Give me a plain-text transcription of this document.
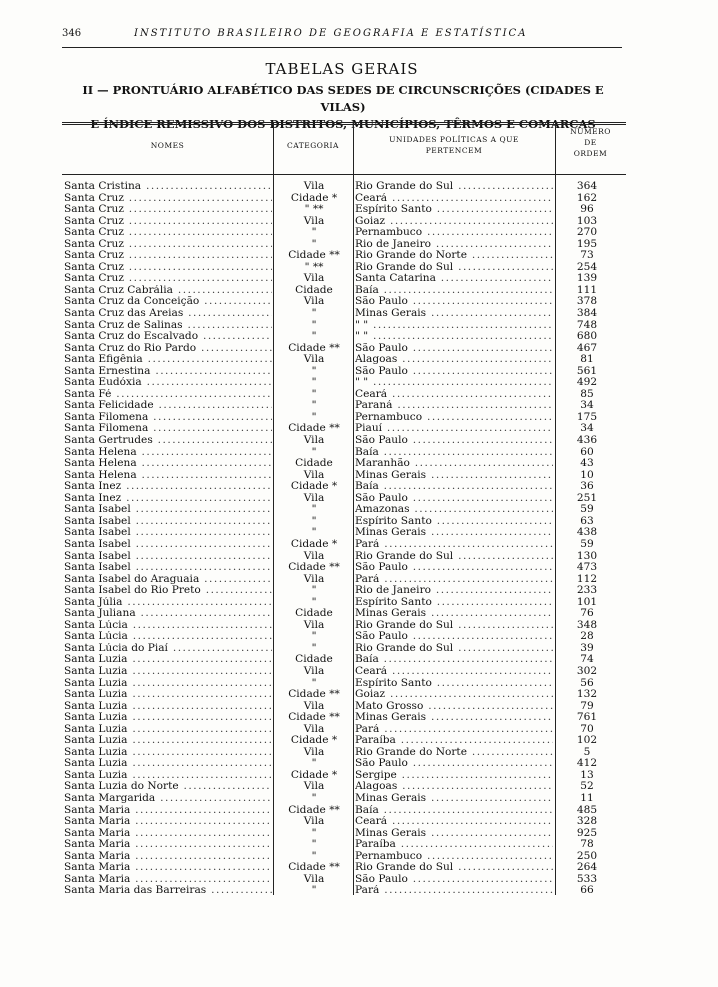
346	INSTITUTO BRASILEIRO DE GEOGRAFIA E ESTATÍSTICA
TABELAS GERAIS
II — PRONTUÁRIO ALFABÉTICO DAS SEDES DE CIRCUNSCRIÇÕES (CIDADES E VILAS)
E ÍNDICE REMISSIVO DOS DISTRITOS, MUNICÍPIOS, TÊRMOS E COMARCAS
NOMES	CATEGORIA
UNIDADES POLÍTICAS A QUE
PERTENCEM
NÚMERO
DE
ORDEM
Santa Cristina .....	Vila	Rio Grande do Sul .....	364
Santa Cruz .....	Cidade *	Ceará .....	162
Santa Cruz .....	" **	Espírito Santo .....	96
Santa Cruz .....	Vila	Goiaz .....	103
Santa Cruz .....	"	Pernambuco .....	270
Santa Cruz .....	"	Rio de Janeiro .....	195
Santa Cruz .....	Cidade **	Rio Grande do Norte .....	73
Santa Cruz .....	" **	Rio Grande do Sul .....	254
Santa Cruz .....	Vila	Santa Catarina .....	139
Santa Cruz Cabrália .....	Cidade	Baía .....	111
Santa Cruz da Conceição .....	Vila	São Paulo .....	378
Santa Cruz das Areias .....	"	Minas Gerais .....	384
Santa Cruz de Salinas .....	"	" " .....	748
Santa Cruz do Escalvado .....	"	" " .....	680
Santa Cruz do Rio Pardo .....	Cidade **	São Paulo .....	467
Santa Efigênia .....	Vila	Alagoas .....	81
Santa Ernestina .....	"	São Paulo .....	561
Santa Eudóxia .....	"	" " .....	492
Santa Fé .....	"	Ceará .....	85
Santa Felicidade .....	"	Paraná .....	34
Santa Filomena .....	"	Pernambuco .....	175
Santa Filomena .....	Cidade **	Piauí .....	34
Santa Gertrudes .....	Vila	São Paulo .....	436
Santa Helena .....	"	Baía .....	60
Santa Helena .....	Cidade	Maranhão .....	43
Santa Helena .....	Vila	Minas Gerais .....	10
Santa Inez .....	Cidade *	Baía .....	36
Santa Inez .....	Vila	São Paulo .....	251
Santa Isabel .....	"	Amazonas .....	59
Santa Isabel .....	"	Espírito Santo .....	63
Santa Isabel .....	"	Minas Gerais .....	438
Santa Isabel .....	Cidade *	Pará .....	59
Santa Isabel .....	Vila	Rio Grande do Sul .....	130
Santa Isabel .....	Cidade **	São Paulo .....	473
Santa Isabel do Araguaia .....	Vila	Pará .....	112
Santa Isabel do Rio Preto .....	"	Rio de Janeiro .....	233
Santa Júlia .....	"	Espírito Santo .....	101
Santa Juliana .....	Cidade	Minas Gerais .....	76
Santa Lúcia .....	Vila	Rio Grande do Sul .....	348
Santa Lúcia .....	"	São Paulo .....	28
Santa Lúcia do Piaí .....	"	Rio Grande do Sul .....	39
Santa Luzia .....	Cidade	Baía .....	74
Santa Luzia .....	Vila	Ceará .....	302
Santa Luzia .....	"	Espírito Santo .....	56
Santa Luzia .....	Cidade **	Goiaz .....	132
Santa Luzia .....	Vila	Mato Grosso .....	79
Santa Luzia .....	Cidade **	Minas Gerais .....	761
Santa Luzia .....	Vila	Pará .....	70
Santa Luzia .....	Cidade *	Paraíba .....	102
Santa Luzia .....	Vila	Rio Grande do Norte .....	5
Santa Luzia .....	"	São Paulo .....	412
Santa Luzia .....	Cidade *	Sergipe .....	13
Santa Luzia do Norte .....	Vila	Alagoas .....	52
Santa Margarida .....	"	Minas Gerais .....	11
Santa Maria .....	Cidade **	Baía .....	485
Santa Maria .....	Vila	Ceará .....	328
Santa Maria .....	"	Minas Gerais .....	925
Santa Maria .....	"	Paraíba .....	78
Santa Maria .....	"	Pernambuco .....	250
Santa Maria .....	Cidade **	Rio Grande do Sul .....	264
Santa Maria .....	Vila	São Paulo .....	533
Santa Maria das Barreiras .....	"	Pará .....	66
